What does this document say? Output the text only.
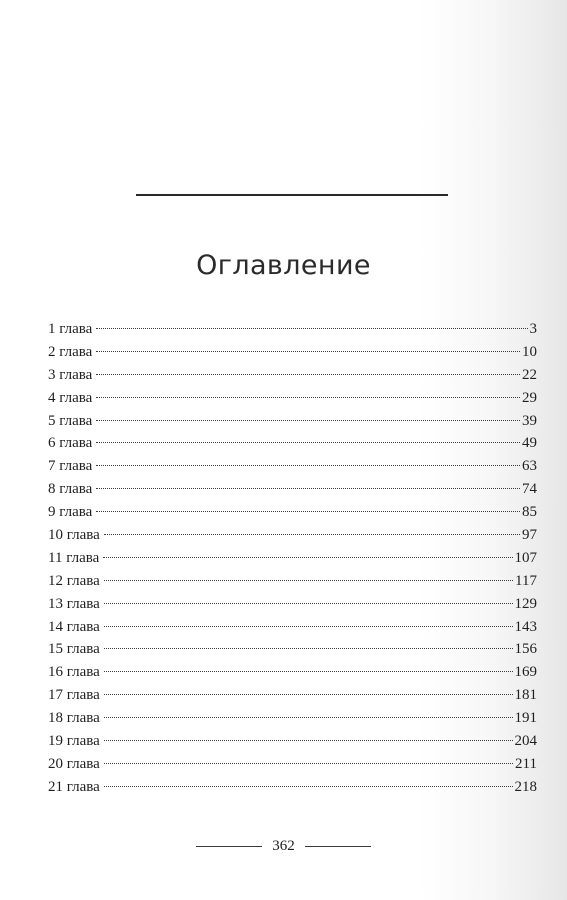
Оглавление
1 глава	3
2 глава	10
3 глава	22
4 глава	29
5 глава	39
6 глава	49
7 глава	63
8 глава	74
9 глава	85
10 глава	97
11 глава	107
12 глава	117
13 глава	129
14 глава	143
15 глава	156
16 глава	169
17 глава	181
18 глава	191
19 глава	204
20 глава	211
21 глава	218
362
